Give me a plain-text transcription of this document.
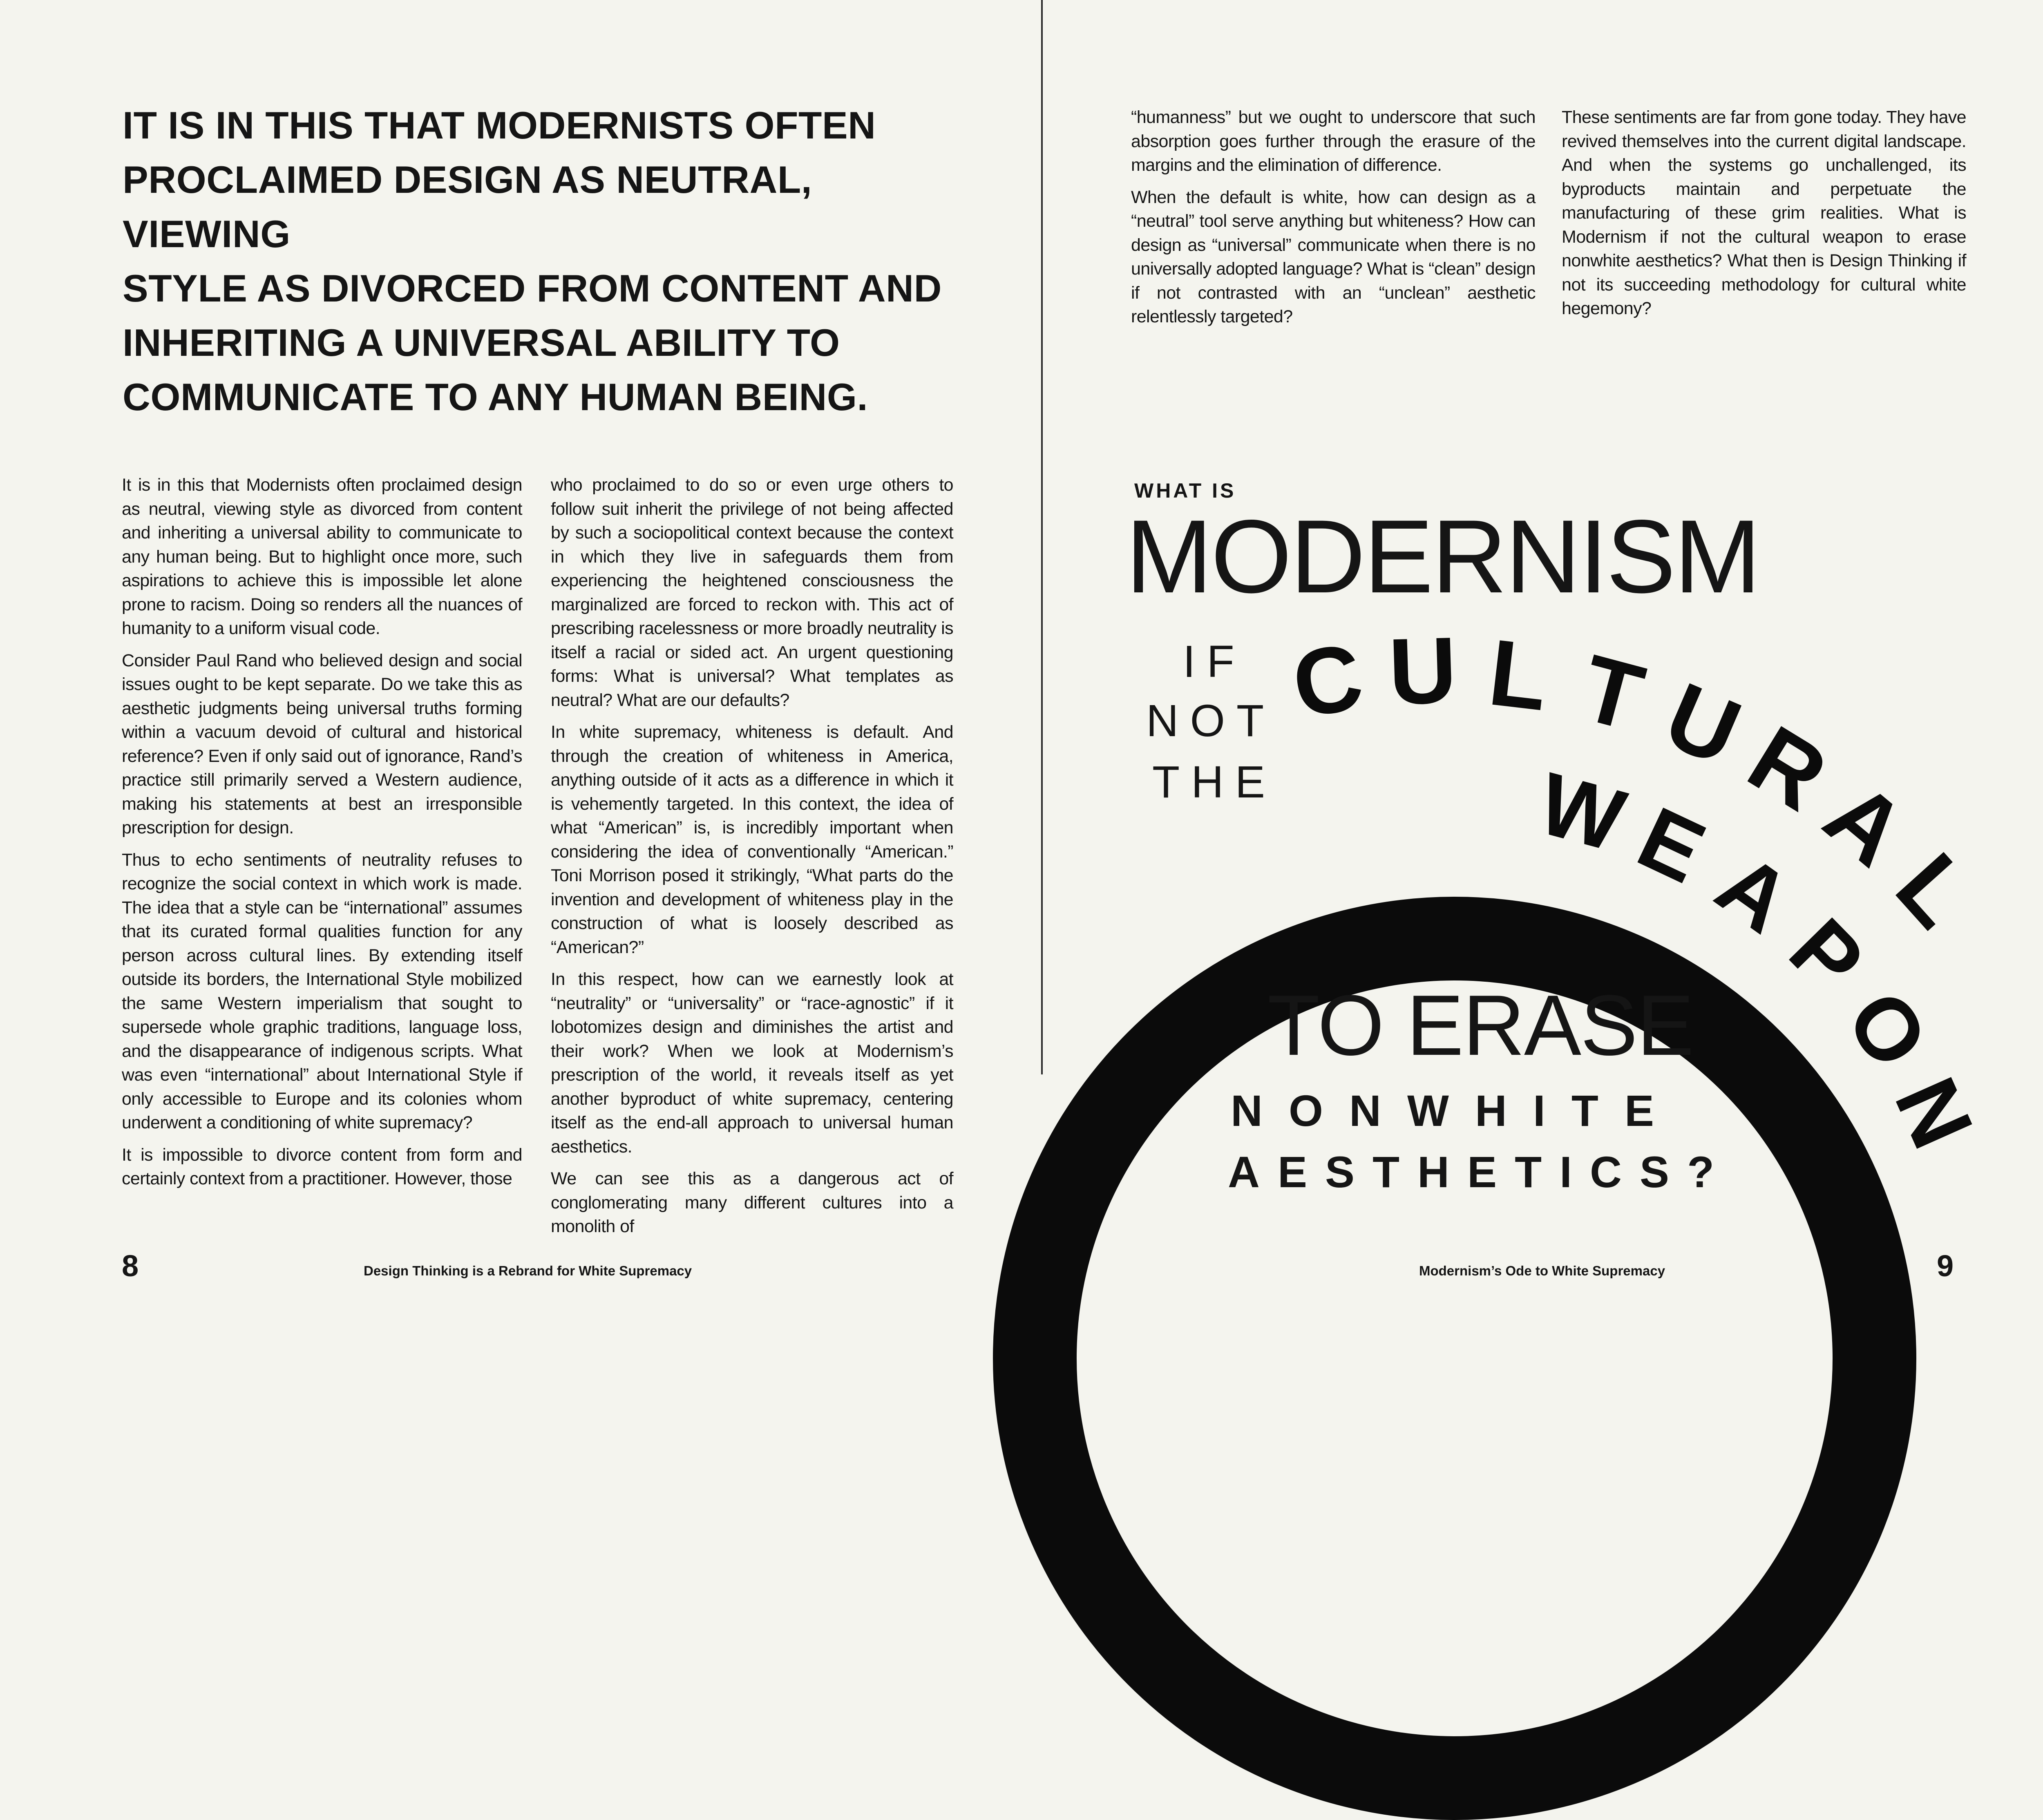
IT IS IN THIS THAT MODERNISTS OFTEN
PROCLAIMED DESIGN AS NEUTRAL, VIEWING
STYLE AS DIVORCED FROM CONTENT AND
INHERITING A UNIVERSAL ABILITY TO
COMMUNICATE TO ANY HUMAN BEING.

It is in this that Modernists often proclaimed design as neutral, viewing style as divorced from content and inheriting a universal ability to communicate to any human being. But to highlight once more, such aspirations to achieve this is impossible let alone prone to racism. Doing so renders all the nuances of humanity to a uniform visual code.

Consider Paul Rand who believed design and social issues ought to be kept separate. Do we take this as aesthetic judgments being universal truths forming within a vacuum devoid of cultural and historical reference? Even if only said out of ignorance, Rand’s practice still primarily served a Western audience, making his statements at best an irresponsible prescription for design.

Thus to echo sentiments of neutrality refuses to recognize the social context in which work is made. The idea that a style can be “international” assumes that its curated formal qualities function for any person across cultural lines. By extending itself outside its borders, the International Style mobilized the same Western imperialism that sought to supersede whole graphic traditions, language loss, and the disappearance of indigenous scripts. What was even “international” about International Style if only accessible to Europe and its colonies whom underwent a conditioning of white supremacy?

It is impossible to divorce content from form and certainly context from a practitioner. However, those

who proclaimed to do so or even urge others to follow suit inherit the privilege of not being affected by such a sociopolitical context because the context in which they live in safeguards them from experiencing the heightened consciousness the marginalized are forced to reckon with. This act of prescribing racelessness or more broadly neutrality is itself a racial or sided act. An urgent questioning forms: What is universal? What templates as neutral? What are our defaults?

In white supremacy, whiteness is default. And through the creation of whiteness in America, anything outside of it acts as a difference in which it is vehemently targeted. In this context, the idea of what “American” is, is incredibly important when considering the idea of conventionally “American.” Toni Morrison posed it strikingly, “What parts do the invention and development of whiteness play in the construction of what is loosely described as “American?”

In this respect, how can we earnestly look at “neutrality” or “universality” or “race-agnostic” if it lobotomizes design and diminishes the artist and their work? When we look at Modernism’s prescription of the world, it reveals itself as yet another byproduct of white supremacy, centering itself as the end-all approach to universal human aesthetics.

We can see this as a dangerous act of conglomerating many different cultures into a monolith of

“humanness” but we ought to underscore that such absorption goes further through the erasure of the margins and the elimination of difference.

When the default is white, how can design as a “neutral” tool serve anything but whiteness? How can design as “universal” communicate when there is no universally adopted language? What is “clean” design if not contrasted with an “unclean” aesthetic relentlessly targeted?

These sentiments are far from gone today. They have revived themselves into the current digital landscape. And when the systems go unchallenged, its byproducts maintain and perpetuate the manufacturing of these grim realities. What is Modernism if not the cultural weapon to erase nonwhite aesthetics? What then is Design Thinking if not its succeeding methodology for cultural white hegemony?

WHAT IS
MODERNISM
IF
NOT
THE
C U L T
U
R
A
L
W
E
A
P
O
N
TO ERASE
NONWHITE
AESTHETICS?
8	Design Thinking is a Rebrand for White Supremacy	Modernism’s Ode to White Supremacy	9
